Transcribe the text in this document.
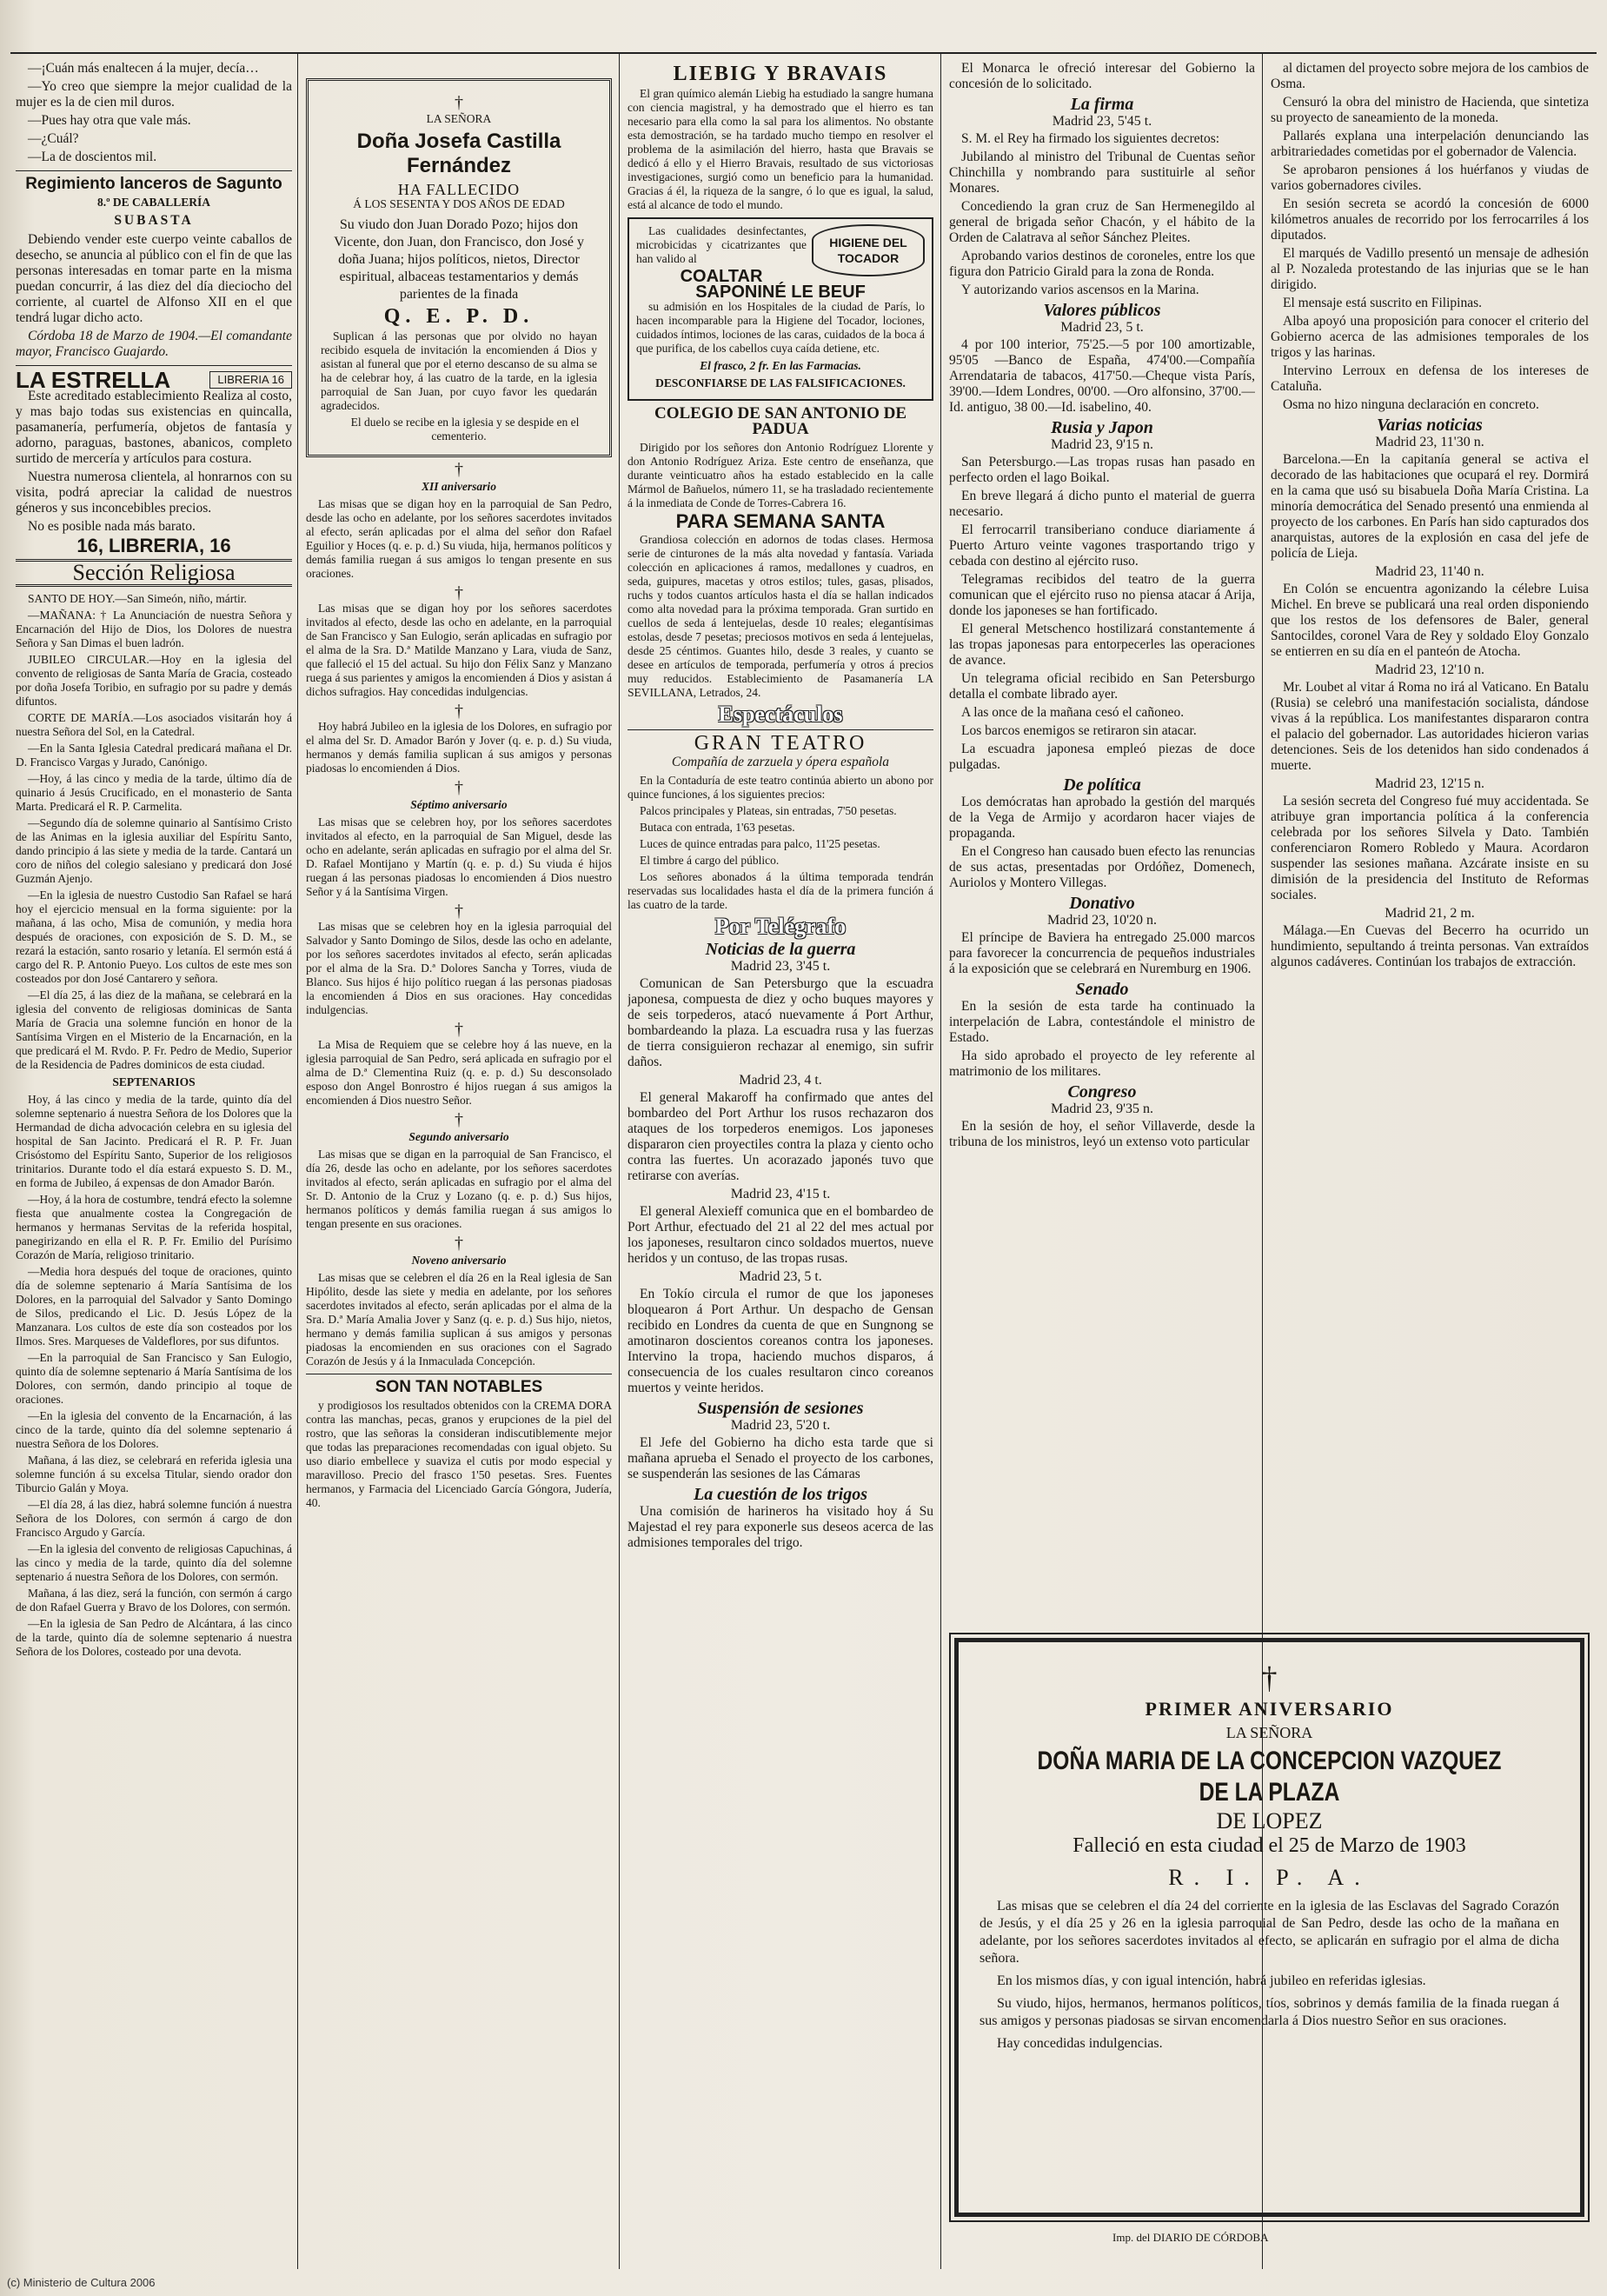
—¡Cuán más enaltecen á la mujer, decía…

—Yo creo que siempre la mejor cualidad de la mujer es la de cien mil duros.

—Pues hay otra que vale más.

—¿Cuál?

—La de doscientos mil.

Regimiento lanceros de Sagunto
8.º DE CABALLERÍA
SUBASTA

Debiendo vender este cuerpo veinte caballos de desecho, se anuncia al público con el fin de que las personas interesadas en tomar parte en la misma puedan concurrir, á las diez del día dieciocho del corriente, al cuartel de Alfonso XII en el que tendrá lugar dicho acto.

Córdoba 18 de Marzo de 1904.—El comandante mayor, Francisco Guajardo.

LA ESTRELLA	LIBRERIA 16

Este acreditado establecimiento Realiza al costo, y mas bajo todas sus existencias en quincalla, pasamanería, perfumería, objetos de fantasía y adorno, paraguas, bastones, abanicos, completo surtido de mercería y artículos para costura.

Nuestra numerosa clientela, al honrarnos con su visita, podrá apreciar la calidad de nuestros géneros y sus inconcebibles precios.

No es posible nada más barato.

16, LIBRERIA, 16
Sección Religiosa

SANTO DE HOY.—San Simeón, niño, mártir.

—MAÑANA: † La Anunciación de nuestra Señora y Encarnación del Hijo de Dios, los Dolores de nuestra Señora y San Dimas el buen ladrón.

JUBILEO CIRCULAR.—Hoy en la iglesia del convento de religiosas de Santa María de Gracia, costeado por doña Josefa Toribio, en sufragio por su padre y demás difuntos.

CORTE DE MARÍA.—Los asociados visitarán hoy á nuestra Señora del Sol, en la Catedral.

—En la Santa Iglesia Catedral predicará mañana el Dr. D. Francisco Vargas y Jurado, Canónigo.

—Hoy, á las cinco y media de la tarde, último día de quinario á Jesús Crucificado, en el monasterio de Santa Marta. Predicará el R. P. Carmelita.

—Segundo día de solemne quinario al Santísimo Cristo de las Animas en la iglesia auxiliar del Espíritu Santo, dando principio á las siete y media de la tarde. Cantará un coro de niños del colegio salesiano y predicará don José Guzmán Ajenjo.

—En la iglesia de nuestro Custodio San Rafael se hará hoy el ejercicio mensual en la forma siguiente: por la mañana, á las ocho, Misa de comunión, y media hora después de oraciones, con exposición de S. D. M., se rezará la estación, santo rosario y letanía. El sermón está á cargo del R. P. Antonio Pueyo. Los cultos de este mes son costeados por don José Cantarero y señora.

—El día 25, á las diez de la mañana, se celebrará en la iglesia del convento de religiosas dominicas de Santa María de Gracia una solemne función en honor de la Santísima Virgen en el Misterio de la Encarnación, en la que predicará el M. Rvdo. P. Fr. Pedro de Medio, Superior de la Residencia de Padres dominicos de esta ciudad.

SEPTENARIOS

Hoy, á las cinco y media de la tarde, quinto día del solemne septenario á nuestra Señora de los Dolores que la Hermandad de dicha advocación celebra en su iglesia del hospital de San Jacinto. Predicará el R. P. Fr. Juan Crisóstomo del Espíritu Santo, Superior de los religiosos trinitarios. Durante todo el día estará expuesto S. D. M., en forma de Jubileo, á expensas de don Amador Barón.

—Hoy, á la hora de costumbre, tendrá efecto la solemne fiesta que anualmente costea la Congregación de hermanos y hermanas Servitas de la referida hospital, panegirizando en ella el R. P. Fr. Emilio del Purísimo Corazón de María, religioso trinitario.

—Media hora después del toque de oraciones, quinto día de solemne septenario á María Santísima de los Dolores, en la parroquial del Salvador y Santo Domingo de Silos, predicando el Lic. D. Jesús López de la Manzanara. Los cultos de este día son costeados por los Ilmos. Sres. Marqueses de Valdeflores, por sus difuntos.

—En la parroquial de San Francisco y San Eulogio, quinto día de solemne septenario á María Santísima de los Dolores, con sermón, dando principio al toque de oraciones.

—En la iglesia del convento de la Encarnación, á las cinco de la tarde, quinto día del solemne septenario á nuestra Señora de los Dolores.

Mañana, á las diez, se celebrará en referida iglesia una solemne función á su excelsa Titular, siendo orador don Tiburcio Galán y Moya.

—El día 28, á las diez, habrá solemne función á nuestra Señora de los Dolores, con sermón á cargo de don Francisco Argudo y García.

—En la iglesia del convento de religiosas Capuchinas, á las cinco y media de la tarde, quinto día del solemne septenario á nuestra Señora de los Dolores, con sermón.

Mañana, á las diez, será la función, con sermón á cargo de don Rafael Guerra y Bravo de los Dolores, con sermón.

—En la iglesia de San Pedro de Alcántara, á las cinco de la tarde, quinto día de solemne septenario á nuestra Señora de los Dolores, costeado por una devota.

†
LA SEÑORA
Doña Josefa Castilla Fernández
HA FALLECIDO
Á LOS SESENTA Y DOS AÑOS DE EDAD

Su viudo don Juan Dorado Pozo; hijos don Vicente, don Juan, don Francisco, don José y doña Juana; hijos políticos, nietos, Director espiritual, albaceas testamentarios y demás parientes de la finada

Q. E. P. D.

Suplican á las personas que por olvido no hayan recibido esquela de invitación la encomienden á Dios y asistan al funeral que por el eterno descanso de su alma se ha de celebrar hoy, á las cuatro de la tarde, en la iglesia parroquial de San Juan, por cuyo favor les quedarán agradecidos.

El duelo se recibe en la iglesia y se despide en el cementerio.

†
XII aniversario

Las misas que se digan hoy en la parroquial de San Pedro, desde las ocho en adelante, por los señores sacerdotes invitados al efecto, serán aplicadas por el alma del señor don Rafael Eguilior y Hoces (q. e. p. d.) Su viuda, hija, hermanos políticos y demás familia ruegan á sus amigos lo tengan presente en sus oraciones.

†

Las misas que se digan hoy por los señores sacerdotes invitados al efecto, desde las ocho en adelante, en la parroquial de San Francisco y San Eulogio, serán aplicadas en sufragio por el alma de la Sra. D.ª Matilde Manzano y Lara, viuda de Sanz, que falleció el 15 del actual. Su hijo don Félix Sanz y Manzano ruega á sus parientes y amigos la encomienden á Dios y asistan á dichos sufragios. Hay concedidas indulgencias.

†

Hoy habrá Jubileo en la iglesia de los Dolores, en sufragio por el alma del Sr. D. Amador Barón y Jover (q. e. p. d.) Su viuda, hermanos y demás familia suplican á sus amigos y personas piadosas lo encomienden á Dios.

†
Séptimo aniversario

Las misas que se celebren hoy, por los señores sacerdotes invitados al efecto, en la parroquial de San Miguel, desde las ocho en adelante, serán aplicadas en sufragio por el alma del Sr. D. Rafael Montijano y Martín (q. e. p. d.) Su viuda é hijos ruegan á las personas piadosas lo encomienden á Dios nuestro Señor y á la Santísima Virgen.

†

Las misas que se celebren hoy en la iglesia parroquial del Salvador y Santo Domingo de Silos, desde las ocho en adelante, por los señores sacerdotes invitados al efecto, serán aplicadas por el alma de la Sra. D.ª Dolores Sancha y Torres, viuda de Blanco. Sus hijos é hijo político ruegan á las personas piadosas la encomienden á Dios en sus oraciones. Hay concedidas indulgencias.

†

La Misa de Requiem que se celebre hoy á las nueve, en la iglesia parroquial de San Pedro, será aplicada en sufragio por el alma de D.ª Clementina Ruiz (q. e. p. d.) Su desconsolado esposo don Angel Bonrostro é hijos ruegan á sus amigos la encomienden á Dios nuestro Señor.

†
Segundo aniversario

Las misas que se digan en la parroquial de San Francisco, el día 26, desde las ocho en adelante, por los señores sacerdotes invitados al efecto, serán aplicadas en sufragio por el alma del Sr. D. Antonio de la Cruz y Lozano (q. e. p. d.) Sus hijos, hermanos políticos y demás familia ruegan á sus amigos lo tengan presente en sus oraciones.

†
Noveno aniversario

Las misas que se celebren el día 26 en la Real iglesia de San Hipólito, desde las siete y media en adelante, por los señores sacerdotes invitados al efecto, serán aplicadas por el alma de la Sra. D.ª María Amalia Jover y Sanz (q. e. p. d.) Sus hijo, nietos, hermano y demás familia suplican á sus amigos y personas piadosas la encomienden en sus oraciones con el Sagrado Corazón de Jesús y á la Inmaculada Concepción.

SON TAN NOTABLES

y prodigiosos los resultados obtenidos con la CREMA DORA contra las manchas, pecas, granos y erupciones de la piel del rostro, que las señoras la consideran indiscutiblemente mejor que todas las preparaciones recomendadas con igual objeto. Su uso diario embellece y suaviza el cutis por modo especial y maravilloso. Precio del frasco 1'50 pesetas. Sres. Fuentes hermanos, y Farmacia del Licenciado García Góngora, Judería, 40.

LIEBIG Y BRAVAIS

El gran químico alemán Liebig ha estudiado la sangre humana con ciencia magistral, y ha demostrado que el hierro es tan necesario para ella como la sal para los alimentos. No obstante esta demostración, se ha tardado mucho tiempo en resolver el problema de la asimilación del hierro, hasta que Bravais se dedicó á ello y el Hierro Bravais, resultado de sus victoriosas investigaciones, surgió como un beneficio para la humanidad. Gracias á él, la riqueza de la sangre, ó lo que es igual, la salud, está al alcance de todo el mundo.

HIGIENE DEL TOCADOR

Las cualidades desinfectantes, microbicidas y cicatrizantes que han valido al

COALTAR SAPONINÉ LE BEUF

su admisión en los Hospitales de la ciudad de París, lo hacen incomparable para la Higiene del Tocador, lociones, cuidados íntimos, lociones de las caras, cuidados de la boca á que purifica, de los cabellos cuya caída detiene, etc.

El frasco, 2 fr. En las Farmacias.
DESCONFIARSE DE LAS FALSIFICACIONES.
COLEGIO DE SAN ANTONIO DE PADUA

Dirigido por los señores don Antonio Rodríguez Llorente y don Antonio Rodríguez Ariza. Este centro de enseñanza, que durante veinticuatro años ha estado establecido en la calle Mármol de Bañuelos, número 11, se ha trasladado recientemente á la inmediata de Conde de Torres-Cabrera 16.

PARA SEMANA SANTA

Grandiosa colección en adornos de todas clases. Hermosa serie de cinturones de la más alta novedad y fantasía. Variada colección en aplicaciones á ramos, medallones y cuadros, en seda, guipures, macetas y otros estilos; tules, gasas, plisados, ruchs y todos cuantos artículos hasta el día se hallan indicados como alta novedad para la próxima temporada. Gran surtido en cuellos de seda á lentejuelas, desde 10 reales; elegantísimas estolas, desde 7 pesetas; preciosos motivos en seda á lentejuelas, desde 25 céntimos. Guantes hilo, desde 3 reales, y cuanto se desee en artículos de temporada, perfumería y otros á precios muy reducidos. Establecimiento de Pasamanería LA SEVILLANA, Letrados, 24.

Espectáculos
GRAN TEATRO
Compañía de zarzuela y ópera española

En la Contaduría de este teatro continúa abierto un abono por quince funciones, á los siguientes precios:

Palcos principales y Plateas, sin entradas, 7'50 pesetas.

Butaca con entrada, 1'63 pesetas.

Luces de quince entradas para palco, 11'25 pesetas.

El timbre á cargo del público.

Los señores abonados á la última temporada tendrán reservadas sus localidades hasta el día de la primera función á las cuatro de la tarde.

Por Telégrafo
Noticias de la guerra
Madrid 23, 3'45 t.

Comunican de San Petersburgo que la escuadra japonesa, compuesta de diez y ocho buques mayores y de seis torpederos, atacó nuevamente á Port Arthur, bombardeando la plaza. La escuadra rusa y las fuerzas de tierra consiguieron rechazar al enemigo, sin sufrir daños.

Madrid 23, 4 t.

El general Makaroff ha confirmado que antes del bombardeo del Port Arthur los rusos rechazaron dos ataques de los torpederos enemigos. Los japoneses dispararon cien proyectiles contra la plaza y ciento ocho contra las fuertes. Un acorazado japonés tuvo que retirarse con averías.

Madrid 23, 4'15 t.

El general Alexieff comunica que en el bombardeo de Port Arthur, efectuado del 21 al 22 del mes actual por los japoneses, resultaron cinco soldados muertos, nueve heridos y un contuso, de las tropas rusas.

Madrid 23, 5 t.

En Tokío circula el rumor de que los japoneses bloquearon á Port Arthur. Un despacho de Gensan recibido en Londres da cuenta de que en Sungnong se amotinaron doscientos coreanos contra los japoneses. Intervino la tropa, haciendo muchos disparos, á consecuencia de los cuales resultaron cinco coreanos muertos y veinte heridos.

Suspensión de sesiones
Madrid 23, 5'20 t.

El Jefe del Gobierno ha dicho esta tarde que si mañana aprueba el Senado el proyecto de los carbones, se suspenderán las sesiones de las Cámaras

La cuestión de los trigos

Una comisión de harineros ha visitado hoy á Su Majestad el rey para exponerle sus deseos acerca de las admisiones temporales del trigo.

El Monarca le ofreció interesar del Gobierno la concesión de lo solicitado.

La firma
Madrid 23, 5'45 t.

S. M. el Rey ha firmado los siguientes decretos:

Jubilando al ministro del Tribunal de Cuentas señor Chinchilla y nombrando para sustituirle al señor Monares.

Concediendo la gran cruz de San Hermenegildo al general de brigada señor Chacón, y el hábito de la Orden de Calatrava al señor Sánchez Pleites.

Aprobando varios destinos de coroneles, entre los que figura don Patricio Girald para la zona de Ronda.

Y autorizando varios ascensos en la Marina.

Valores públicos
Madrid 23, 5 t.

4 por 100 interior, 75'25.—5 por 100 amortizable, 95'05 —Banco de España, 474'00.—Compañía Arrendataria de tabacos, 417'50.—Cheque vista París, 39'00.—Idem Londres, 00'00. —Oro alfonsino, 37'00.—Id. antiguo, 38 00.—Id. isabelino, 40.

Rusia y Japon
Madrid 23, 9'15 n.

San Petersburgo.—Las tropas rusas han pasado en perfecto orden el lago Boikal.

En breve llegará á dicho punto el material de guerra necesario.

El ferrocarril transiberiano conduce diariamente á Puerto Arturo veinte vagones trasportando trigo y cebada con destino al ejército ruso.

Telegramas recibidos del teatro de la guerra comunican que el ejército ruso no piensa atacar á Arija, donde los japoneses se han fortificado.

El general Metschenco hostilizará constantemente á las tropas japonesas para entorpecerles las operaciones de avance.

Un telegrama oficial recibido en San Petersburgo detalla el combate librado ayer.

A las once de la mañana cesó el cañoneo.

Los barcos enemigos se retiraron sin atacar.

La escuadra japonesa empleó piezas de doce pulgadas.

De política

Los demócratas han aprobado la gestión del marqués de la Vega de Armijo y acordaron hacer viajes de propaganda.

En el Congreso han causado buen efecto las renuncias de sus actas, presentadas por Ordóñez, Domenech, Auriolos y Montero Villegas.

Donativo
Madrid 23, 10'20 n.

El príncipe de Baviera ha entregado 25.000 marcos para favorecer la concurrencia de pequeños industriales á la exposición que se celebrará en Nuremburg en 1906.

Senado

En la sesión de esta tarde ha continuado la interpelación de Labra, contestándole el ministro de Estado.

Ha sido aprobado el proyecto de ley referente al matrimonio de los militares.

Congreso
Madrid 23, 9'35 n.

En la sesión de hoy, el señor Villaverde, desde la tribuna de los ministros, leyó un extenso voto particular

al dictamen del proyecto sobre mejora de los cambios de Osma.

Censuró la obra del ministro de Hacienda, que sintetiza su proyecto de saneamiento de la moneda.

Pallarés explana una interpelación denunciando las arbitrariedades cometidas por el gobernador de Valencia.

Se aprobaron pensiones á los huérfanos y viudas de varios gobernadores civiles.

En sesión secreta se acordó la concesión de 6000 kilómetros anuales de recorrido por los ferrocarriles á los diputados.

El marqués de Vadillo presentó un mensaje de adhesión al P. Nozaleda protestando de las injurias que se le han dirigido.

El mensaje está suscrito en Filipinas.

Alba apoyó una proposición para conocer el criterio del Gobierno acerca de las admisiones temporales de los trigos y las harinas.

Intervino Lerroux en defensa de los intereses de Cataluña.

Osma no hizo ninguna declaración en concreto.

Varias noticias
Madrid 23, 11'30 n.

Barcelona.—En la capitanía general se activa el decorado de las habitaciones que ocupará el rey. Dormirá en la cama que usó su bisabuela Doña María Cristina. La minoría democrática del Senado presentó una enmienda al proyecto de los carbones. En París han sido capturados dos anarquistas, autores de la explosión en casa del jefe de policía de Lieja.

Madrid 23, 11'40 n.

En Colón se encuentra agonizando la célebre Luisa Michel. En breve se publicará una real orden disponiendo que los restos de los defensores de Baler, general Santocildes, coronel Vara de Rey y soldado Eloy Gonzalo se entierren en su día en el panteón de Atocha.

Madrid 23, 12'10 n.

Mr. Loubet al vitar á Roma no irá al Vaticano. En Batalu (Rusia) se celebró una manifestación socialista, dándose vivas á la república. Los manifestantes dispararon contra el palacio del gobernador. Las autoridades hicieron varias detenciones. Seis de los detenidos han sido condenados á muerte.

Madrid 23, 12'15 n.

La sesión secreta del Congreso fué muy accidentada. Se atribuye gran importancia política á la conferencia celebrada por los señores Silvela y Dato. También conferenciaron Romero Robledo y Maura. Acordaron suspender las sesiones mañana. Azcárate insiste en su dimisión de la presidencia del Instituto de Reformas sociales.

Madrid 21, 2 m.

Málaga.—En Cuevas del Becerro ha ocurrido un hundimiento, sepultando á treinta personas. Van extraídos algunos cadáveres. Continúan los trabajos de extracción.

†
PRIMER ANIVERSARIO
LA SEÑORA
DOÑA MARIA DE LA CONCEPCION VAZQUEZ DE LA PLAZA
DE LOPEZ
Falleció en esta ciudad el 25 de Marzo de 1903
R. I. P. A.

Las misas que se celebren el día 24 del corriente en la iglesia de las Esclavas del Sagrado Corazón de Jesús, y el día 25 y 26 en la iglesia parroquial de San Pedro, desde las ocho de la mañana en adelante, por los señores sacerdotes invitados al efecto, se aplicarán en sufragio por el alma de dicha señora.

En los mismos días, y con igual intención, habrá jubileo en referidas iglesias.

Su viudo, hijos, hermanos, hermanos políticos, tíos, sobrinos y demás familia de la finada ruegan á sus amigos y personas piadosas se sirvan encomendarla á Dios nuestro Señor en sus oraciones.

Hay concedidas indulgencias.

Imp. del DIARIO DE CÓRDOBA
(c) Ministerio de Cultura 2006
